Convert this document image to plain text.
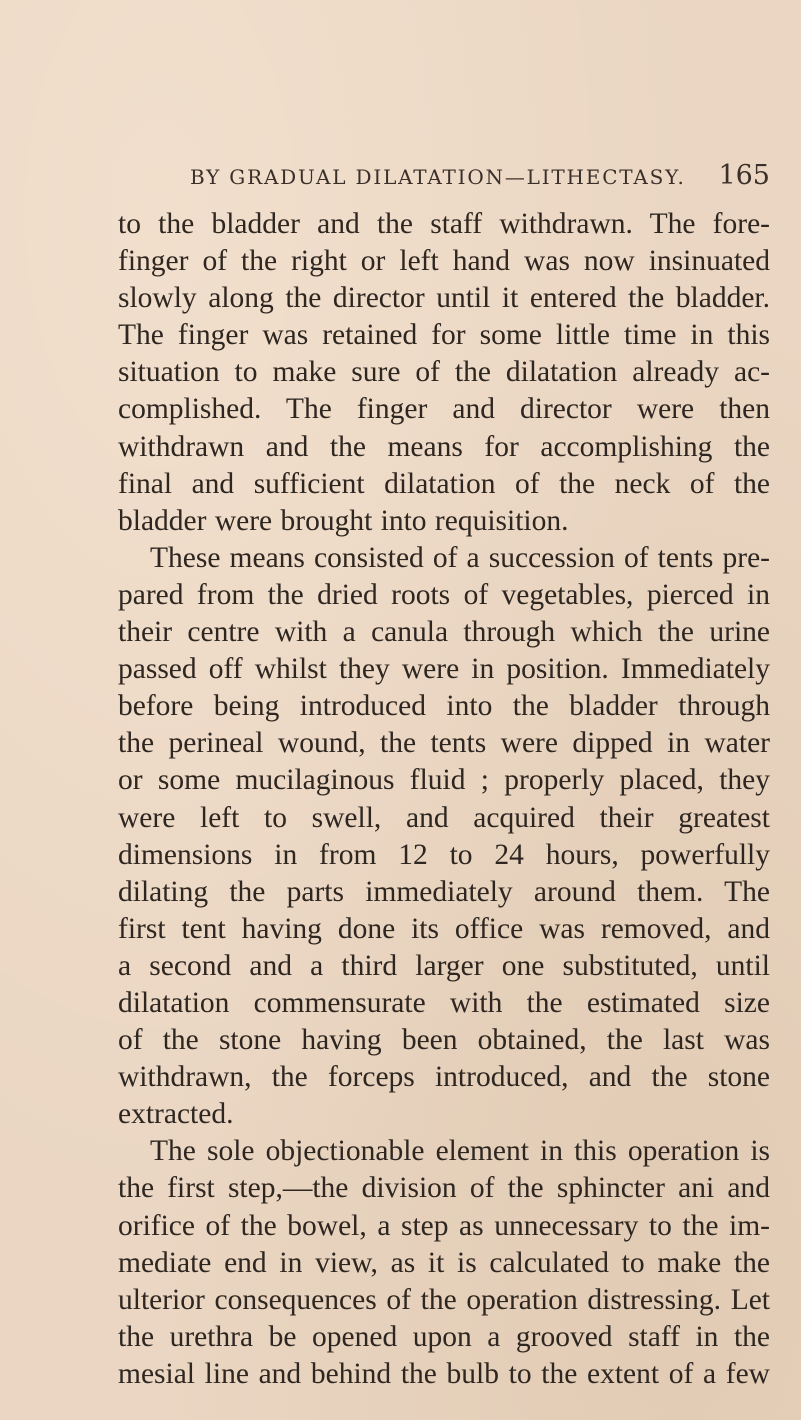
BY GRADUAL DILATATION—LITHECTASY. 165

to the bladder and the staff withdrawn. The fore-
finger of the right or left hand was now insinuated
slowly along the director until it entered the bladder.
The finger was retained for some little time in this
situation to make sure of the dilatation already ac-
complished. The finger and director were then
withdrawn and the means for accomplishing the
final and sufficient dilatation of the neck of the
bladder were brought into requisition.

These means consisted of a succession of tents pre-
pared from the dried roots of vegetables, pierced in
their centre with a canula through which the urine
passed off whilst they were in position. Immediately
before being introduced into the bladder through
the perineal wound, the tents were dipped in water
or some mucilaginous fluid ; properly placed, they
were left to swell, and acquired their greatest
dimensions in from 12 to 24 hours, powerfully
dilating the parts immediately around them. The
first tent having done its office was removed, and
a second and a third larger one substituted, until
dilatation commensurate with the estimated size
of the stone having been obtained, the last was
withdrawn, the forceps introduced, and the stone
extracted.

The sole objectionable element in this operation is
the first step,—the division of the sphincter ani and
orifice of the bowel, a step as unnecessary to the im-
mediate end in view, as it is calculated to make the
ulterior consequences of the operation distressing. Let
the urethra be opened upon a grooved staff in the
mesial line and behind the bulb to the extent of a few
